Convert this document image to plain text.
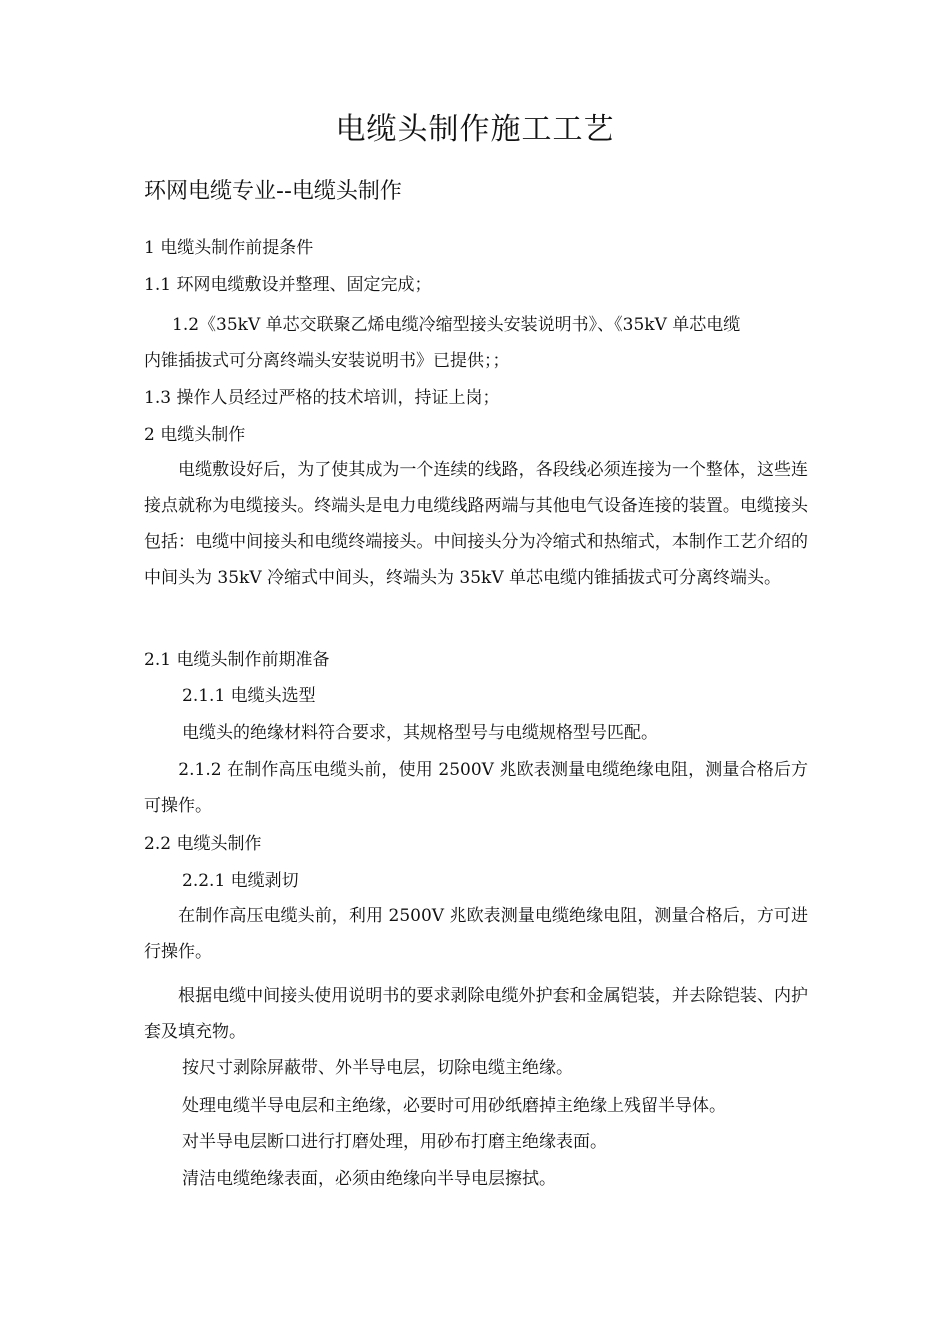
电缆头制作施工工艺
环网电缆专业--电缆头制作
1 电缆头制作前提条件
1.1 环网电缆敷设并整理、固定完成；
1.2《35kV 单芯交联聚乙烯电缆冷缩型接头安装说明书》、《35kV 单芯电缆
内锥插拔式可分离终端头安装说明书》已提供；；
1.3 操作人员经过严格的技术培训，持证上岗；
2 电缆头制作
　　电缆敷设好后，为了使其成为一个连续的线路，各段线必须连接为一个整体，这些连接点就称为电缆接头。终端头是电力电缆线路两端与其他电气设备连接的装置。电缆接头包括：电缆中间接头和电缆终端接头。中间接头分为冷缩式和热缩式，本制作工艺介绍的中间头为 35kV 冷缩式中间头，终端头为 35kV 单芯电缆内锥插拔式可分离终端头。
2.1 电缆头制作前期准备
2.1.1 电缆头选型
电缆头的绝缘材料符合要求，其规格型号与电缆规格型号匹配。
　　2.1.2 在制作高压电缆头前，使用 2500V 兆欧表测量电缆绝缘电阻，测量合格后方可操作。
2.2 电缆头制作
2.2.1 电缆剥切
　　在制作高压电缆头前，利用 2500V 兆欧表测量电缆绝缘电阻，测量合格后，方可进行操作。
　　根据电缆中间接头使用说明书的要求剥除电缆外护套和金属铠装，并去除铠装、内护套及填充物。
按尺寸剥除屏蔽带、外半导电层，切除电缆主绝缘。
处理电缆半导电层和主绝缘，必要时可用砂纸磨掉主绝缘上残留半导体。
对半导电层断口进行打磨处理，用砂布打磨主绝缘表面。
清洁电缆绝缘表面，必须由绝缘向半导电层擦拭。
